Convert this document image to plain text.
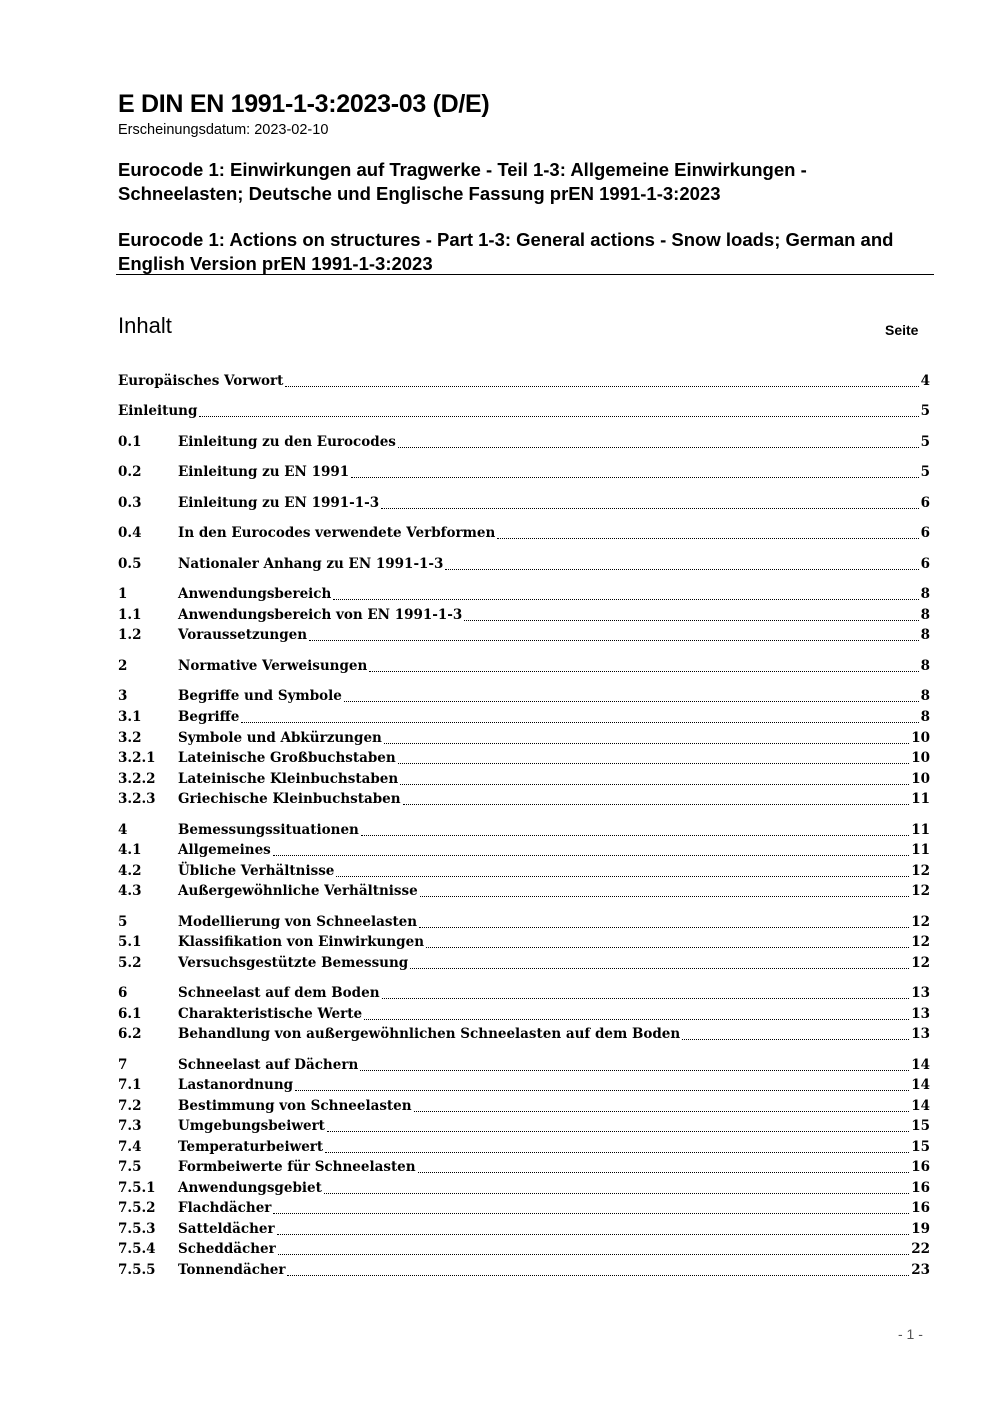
E DIN EN 1991-1-3:2023-03 (D/E)
Erscheinungsdatum: 2023-02-10
Eurocode 1: Einwirkungen auf Tragwerke - Teil 1-3: Allgemeine Einwirkungen - Schneelasten; Deutsche und Englische Fassung prEN 1991-1-3:2023
Eurocode 1: Actions on structures - Part 1-3: General actions - Snow loads; German and English Version prEN 1991-1-3:2023
Inhalt	Seite
Europäisches Vorwort	4
Einleitung	5
0.1	Einleitung zu den Eurocodes	5
0.2	Einleitung zu EN 1991	5
0.3	Einleitung zu EN 1991-1-3	6
0.4	In den Eurocodes verwendete Verbformen	6
0.5	Nationaler Anhang zu EN 1991-1-3	6
1	Anwendungsbereich	8
1.1	Anwendungsbereich von EN 1991-1-3	8
1.2	Voraussetzungen	8
2	Normative Verweisungen	8
3	Begriffe und Symbole	8
3.1	Begriffe	8
3.2	Symbole und Abkürzungen	10
3.2.1	Lateinische Großbuchstaben	10
3.2.2	Lateinische Kleinbuchstaben	10
3.2.3	Griechische Kleinbuchstaben	11
4	Bemessungssituationen	11
4.1	Allgemeines	11
4.2	Übliche Verhältnisse	12
4.3	Außergewöhnliche Verhältnisse	12
5	Modellierung von Schneelasten	12
5.1	Klassifikation von Einwirkungen	12
5.2	Versuchsgestützte Bemessung	12
6	Schneelast auf dem Boden	13
6.1	Charakteristische Werte	13
6.2	Behandlung von außergewöhnlichen Schneelasten auf dem Boden	13
7	Schneelast auf Dächern	14
7.1	Lastanordnung	14
7.2	Bestimmung von Schneelasten	14
7.3	Umgebungsbeiwert	15
7.4	Temperaturbeiwert	15
7.5	Formbeiwerte für Schneelasten	16
7.5.1	Anwendungsgebiet	16
7.5.2	Flachdächer	16
7.5.3	Satteldächer	19
7.5.4	Scheddächer	22
7.5.5	Tonnendächer	23
- 1 -
